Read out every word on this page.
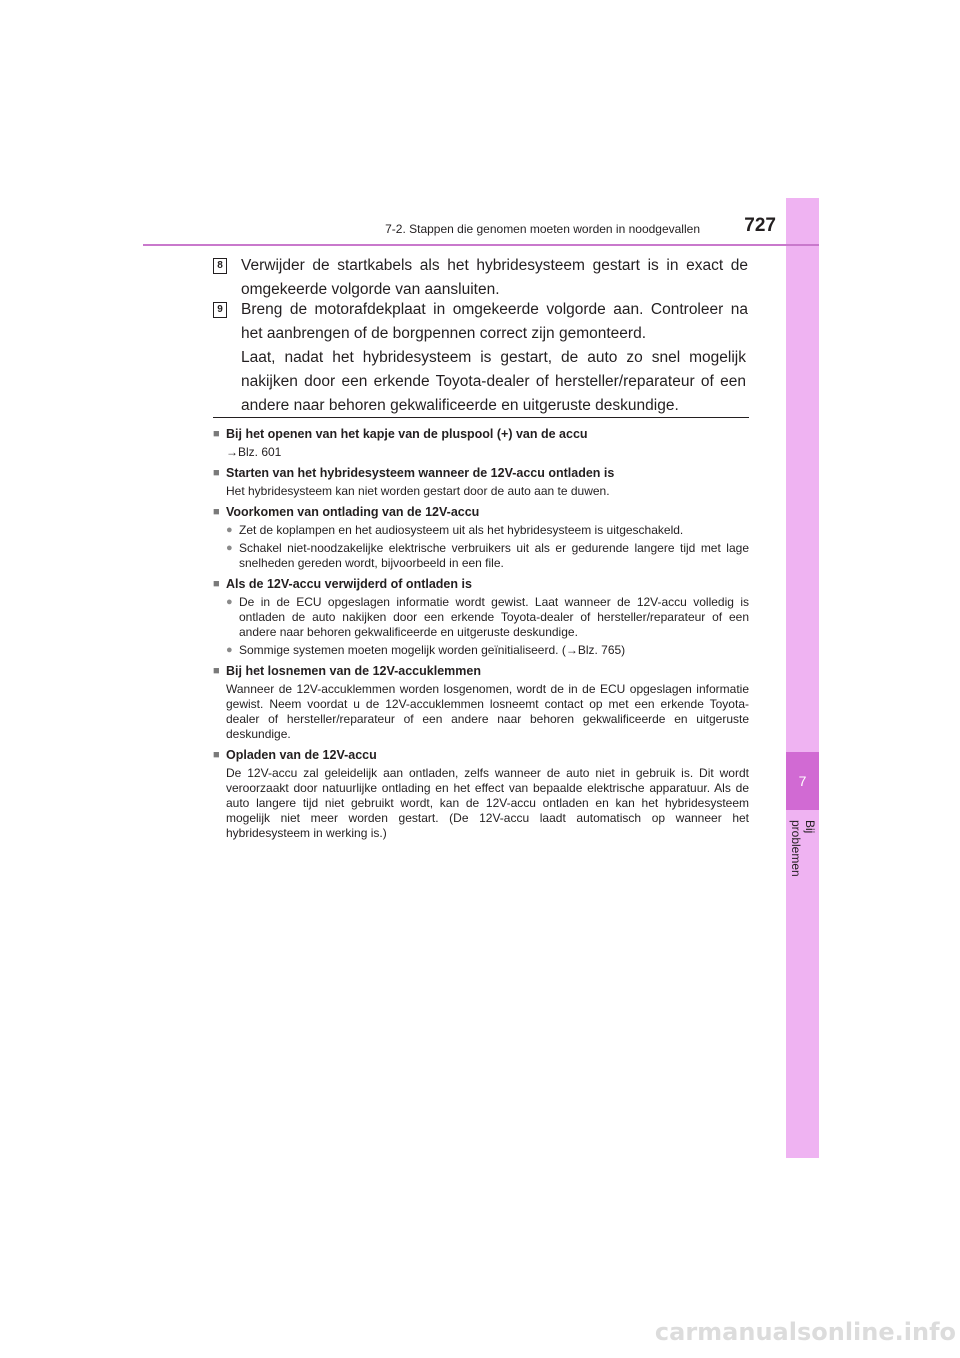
7
Bij problemen
7-2. Stappen die genomen moeten worden in noodgevallen	727
8 Verwijder de startkabels als het hybridesysteem gestart is in exact de omgekeerde volgorde van aansluiten.
9 Breng de motorafdekplaat in omgekeerde volgorde aan. Controleer na het aanbrengen of de borgpennen correct zijn gemonteerd.
Laat, nadat het hybridesysteem is gestart, de auto zo snel mogelijk nakijken door een erkende Toyota-dealer of hersteller/reparateur of een andere naar behoren gekwalificeerde en uitgeruste deskundige.
■ Bij het openen van het kapje van de pluspool (+) van de accu
→Blz. 601
■ Starten van het hybridesysteem wanneer de 12V-accu ontladen is
Het hybridesysteem kan niet worden gestart door de auto aan te duwen.
■ Voorkomen van ontlading van de 12V-accu
● Zet de koplampen en het audiosysteem uit als het hybridesysteem is uitgeschakeld.
● Schakel niet-noodzakelijke elektrische verbruikers uit als er gedurende langere tijd met lage snelheden gereden wordt, bijvoorbeeld in een file.
■ Als de 12V-accu verwijderd of ontladen is
● De in de ECU opgeslagen informatie wordt gewist. Laat wanneer de 12V-accu volledig is ontladen de auto nakijken door een erkende Toyota-dealer of hersteller/reparateur of een andere naar behoren gekwalificeerde en uitgeruste deskundige.
● Sommige systemen moeten mogelijk worden geïnitialiseerd. (→Blz. 765)
■ Bij het losnemen van de 12V-accuklemmen
Wanneer de 12V-accuklemmen worden losgenomen, wordt de in de ECU opgeslagen informatie gewist. Neem voordat u de 12V-accuklemmen losneemt contact op met een erkende Toyota-dealer of hersteller/reparateur of een andere naar behoren gekwalificeerde en uitgeruste deskundige.
■ Opladen van de 12V-accu
De 12V-accu zal geleidelijk aan ontladen, zelfs wanneer de auto niet in gebruik is. Dit wordt veroorzaakt door natuurlijke ontlading en het effect van bepaalde elektrische apparatuur. Als de auto langere tijd niet gebruikt wordt, kan de 12V-accu ontladen en kan het hybridesysteem mogelijk niet meer worden gestart. (De 12V-accu laadt automatisch op wanneer het hybridesysteem in werking is.)
carmanualsonline.info
